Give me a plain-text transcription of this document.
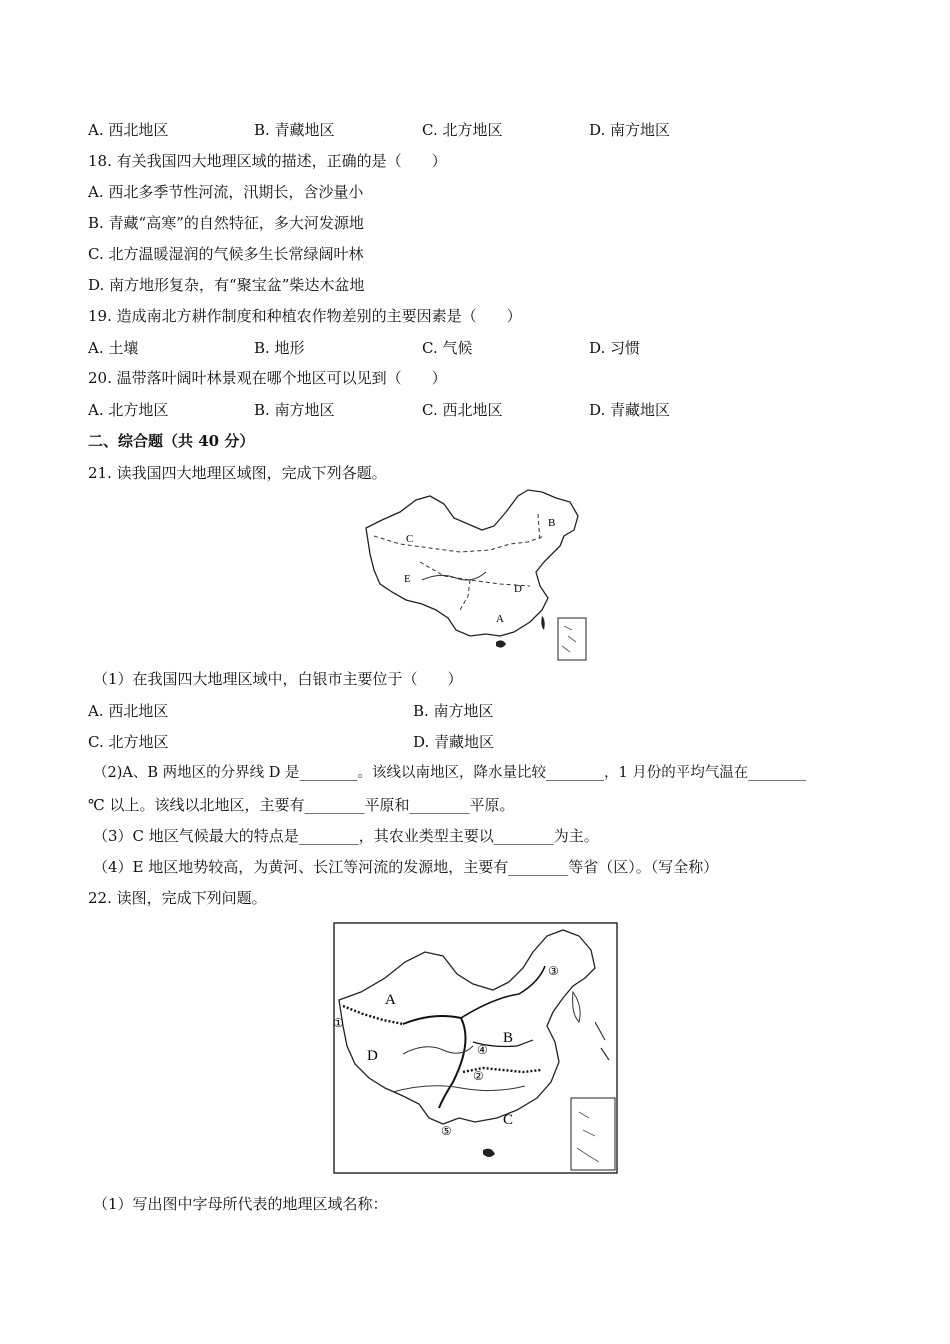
A. 西北地区	B. 青藏地区	C. 北方地区	D. 南方地区
18. 有关我国四大地理区域的描述，正确的是（　　）
A. 西北多季节性河流，汛期长，含沙量小
B. 青藏“高寒”的自然特征，多大河发源地
C. 北方温暖湿润的气候多生长常绿阔叶林
D. 南方地形复杂，有“聚宝盆”柴达木盆地
19. 造成南北方耕作制度和种植农作物差别的主要因素是（　　）
A. 土壤	B. 地形	C. 气候	D. 习惯
20. 温带落叶阔叶林景观在哪个地区可以见到（　　）
A. 北方地区	B. 南方地区	C. 西北地区	D. 青藏地区
二、综合题（共 40 分）
21. 读我国四大地理区域图，完成下列各题。
B
C
E
D
A
（1）在我国四大地理区域中，白银市主要位于（　　）
A. 西北地区	B. 南方地区
C. 北方地区	D. 青藏地区
（2)A、B 两地区的分界线 D 是________。该线以南地区，降水量比较________，1 月份的平均气温在________
℃ 以上。该线以北地区，主要有________平原和________平原。
（3）C 地区气候最大的特点是________，其农业类型主要以________为主。
（4）E 地区地势较高，为黄河、长江等河流的发源地，主要有________等省（区）。（写全称）
22. 读图，完成下列问题。
A
B
C
D
①
②
③
④
⑤
（1）写出图中字母所代表的地理区域名称：
